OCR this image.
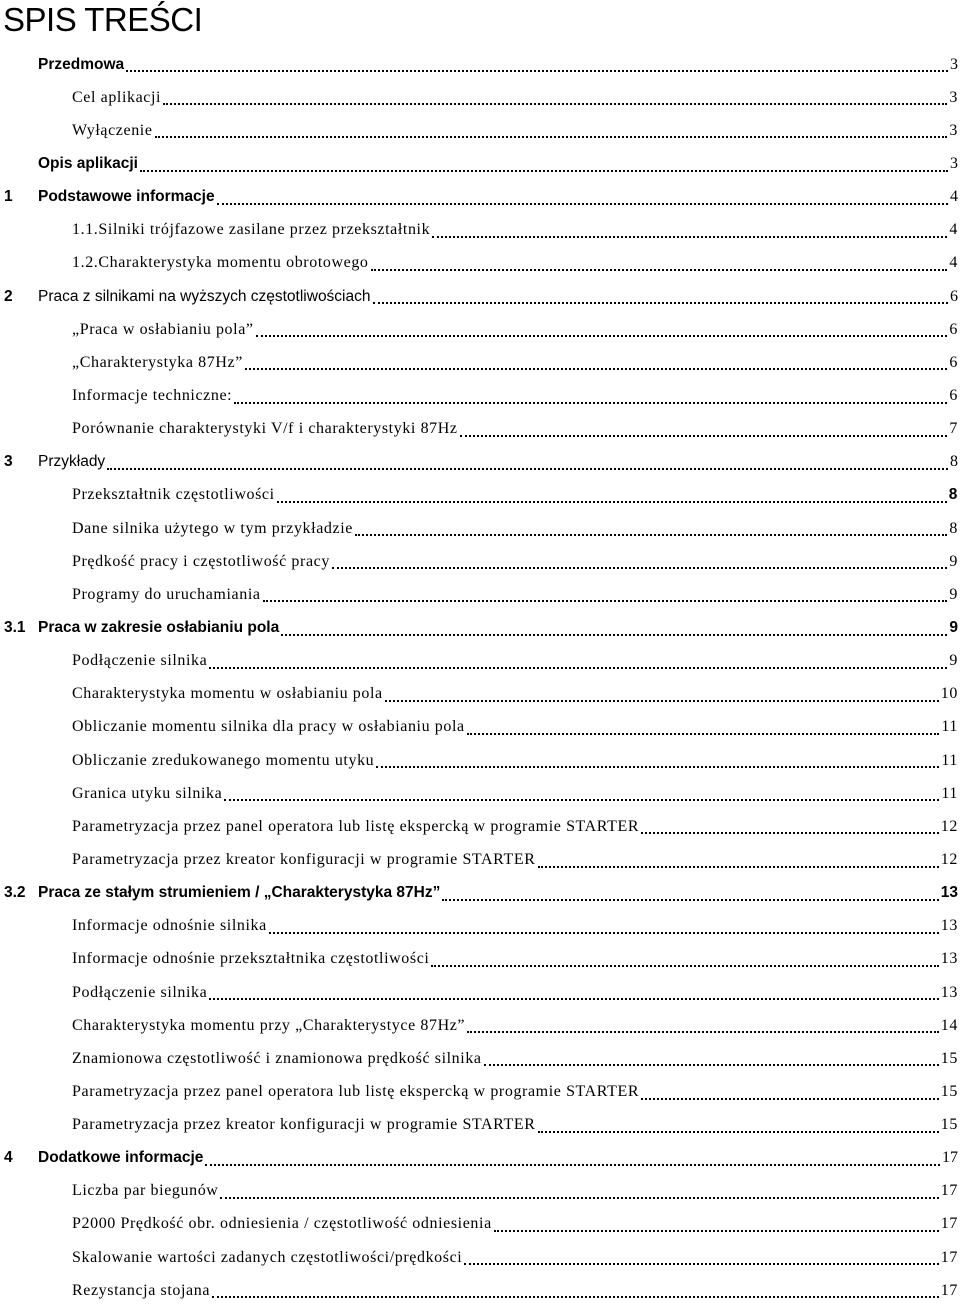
SPIS TREŚCI
Przedmowa	3
Cel aplikacji	3
Wyłączenie	3
Opis aplikacji	3
1 Podstawowe informacje	4
1.1.Silniki trójfazowe zasilane przez przekształtnik	4
1.2.Charakterystyka momentu obrotowego	4
2 Praca z silnikami na wyższych częstotliwościach	6
„Praca w osłabianiu pola”	6
„Charakterystyka 87Hz”	6
Informacje techniczne:	6
Porównanie charakterystyki V/f i charakterystyki 87Hz	7
3 Przykłady	8
Przekształtnik częstotliwości	8
Dane silnika użytego w tym przykładzie	8
Prędkość pracy i częstotliwość pracy	9
Programy do uruchamiania	9
3.1 Praca w zakresie osłabianiu pola	9
Podłączenie silnika	9
Charakterystyka momentu w osłabianiu pola	10
Obliczanie momentu silnika dla pracy w osłabianiu pola	11
Obliczanie zredukowanego momentu utyku	11
Granica utyku silnika	11
Parametryzacja przez panel operatora lub listę ekspercką w programie STARTER	12
Parametryzacja przez kreator konfiguracji w programie STARTER	12
3.2 Praca ze stałym strumieniem / „Charakterystyka 87Hz”	13
Informacje odnośnie silnika	13
Informacje odnośnie przekształtnika częstotliwości	13
Podłączenie silnika	13
Charakterystyka momentu przy „Charakterystyce 87Hz”	14
Znamionowa częstotliwość i znamionowa prędkość silnika	15
Parametryzacja przez panel operatora lub listę ekspercką w programie STARTER	15
Parametryzacja przez kreator konfiguracji w programie STARTER	15
4 Dodatkowe informacje	17
Liczba par biegunów	17
P2000 Prędkość obr. odniesienia / częstotliwość odniesienia	17
Skalowanie wartości zadanych częstotliwości/prędkości	17
Rezystancja stojana	17
